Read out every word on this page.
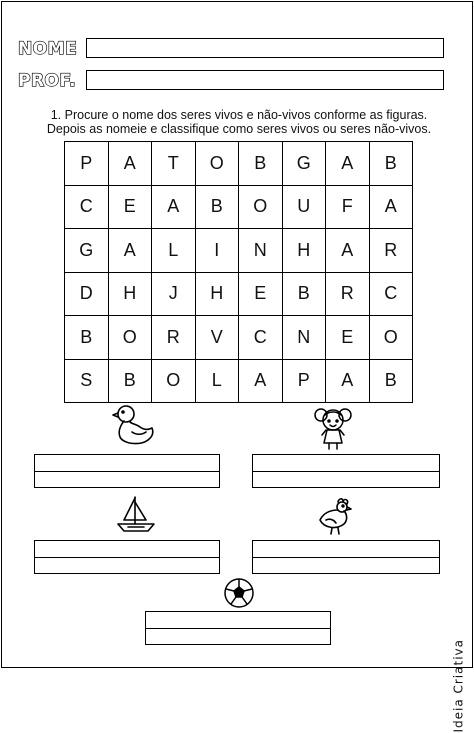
NOME
PROF.
1. Procure o nome dos seres vivos e não-vivos conforme as figuras.
Depois as nomeie e classifique como seres vivos ou seres não-vivos.
P	A	T	O	B	G	A	B
C	E	A	B	O	U	F	A
G	A	L	I	N	H	A	R
D	H	J	H	E	B	R	C
B	O	R	V	C	N	E	O
S	B	O	L	A	P	A	B
Ideia Criativa
